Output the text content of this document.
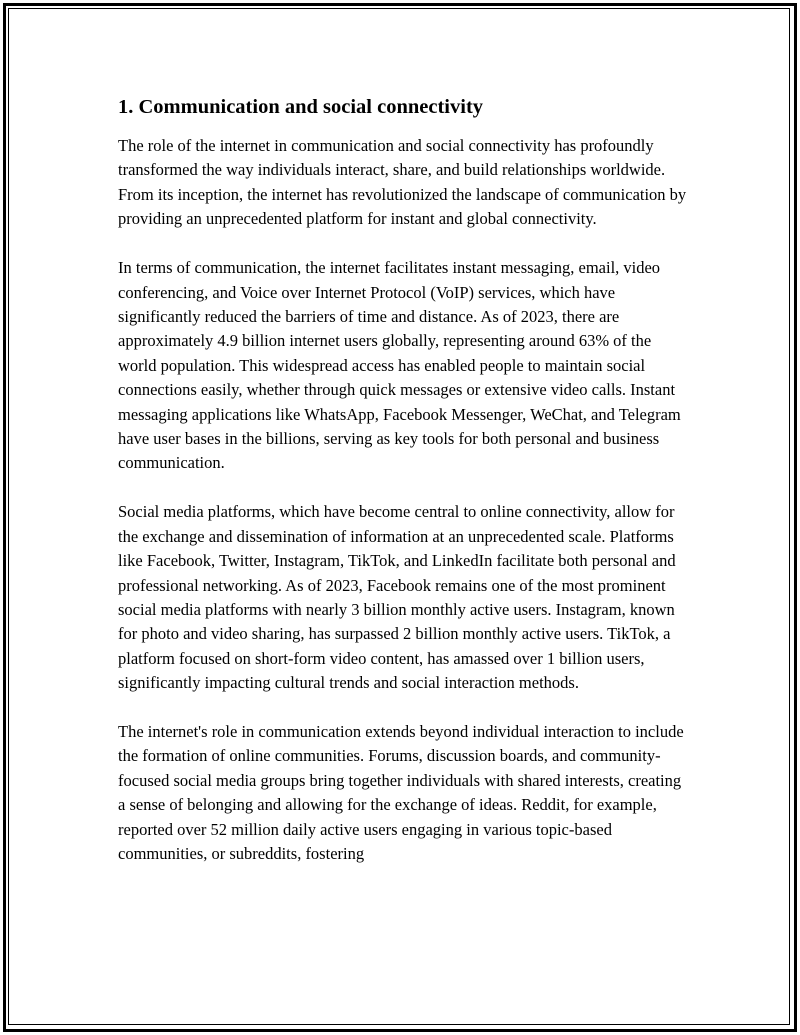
1. Communication and social connectivity

The role of the internet in communication and social connectivity has profoundly transformed the way individuals interact, share, and build relationships worldwide. From its inception, the internet has revolutionized the landscape of communication by providing an unprecedented platform for instant and global connectivity.

In terms of communication, the internet facilitates instant messaging, email, video conferencing, and Voice over Internet Protocol (VoIP) services, which have significantly reduced the barriers of time and distance. As of 2023, there are approximately 4.9 billion internet users globally, representing around 63% of the world population. This widespread access has enabled people to maintain social connections easily, whether through quick messages or extensive video calls. Instant messaging applications like WhatsApp, Facebook Messenger, WeChat, and Telegram have user bases in the billions, serving as key tools for both personal and business communication.

Social media platforms, which have become central to online connectivity, allow for the exchange and dissemination of information at an unprecedented scale. Platforms like Facebook, Twitter, Instagram, TikTok, and LinkedIn facilitate both personal and professional networking. As of 2023, Facebook remains one of the most prominent social media platforms with nearly 3 billion monthly active users. Instagram, known for photo and video sharing, has surpassed 2 billion monthly active users. TikTok, a platform focused on short-form video content, has amassed over 1 billion users, significantly impacting cultural trends and social interaction methods.

The internet's role in communication extends beyond individual interaction to include the formation of online communities. Forums, discussion boards, and community-focused social media groups bring together individuals with shared interests, creating a sense of belonging and allowing for the exchange of ideas. Reddit, for example, reported over 52 million daily active users engaging in various topic-based communities, or subreddits, fostering
